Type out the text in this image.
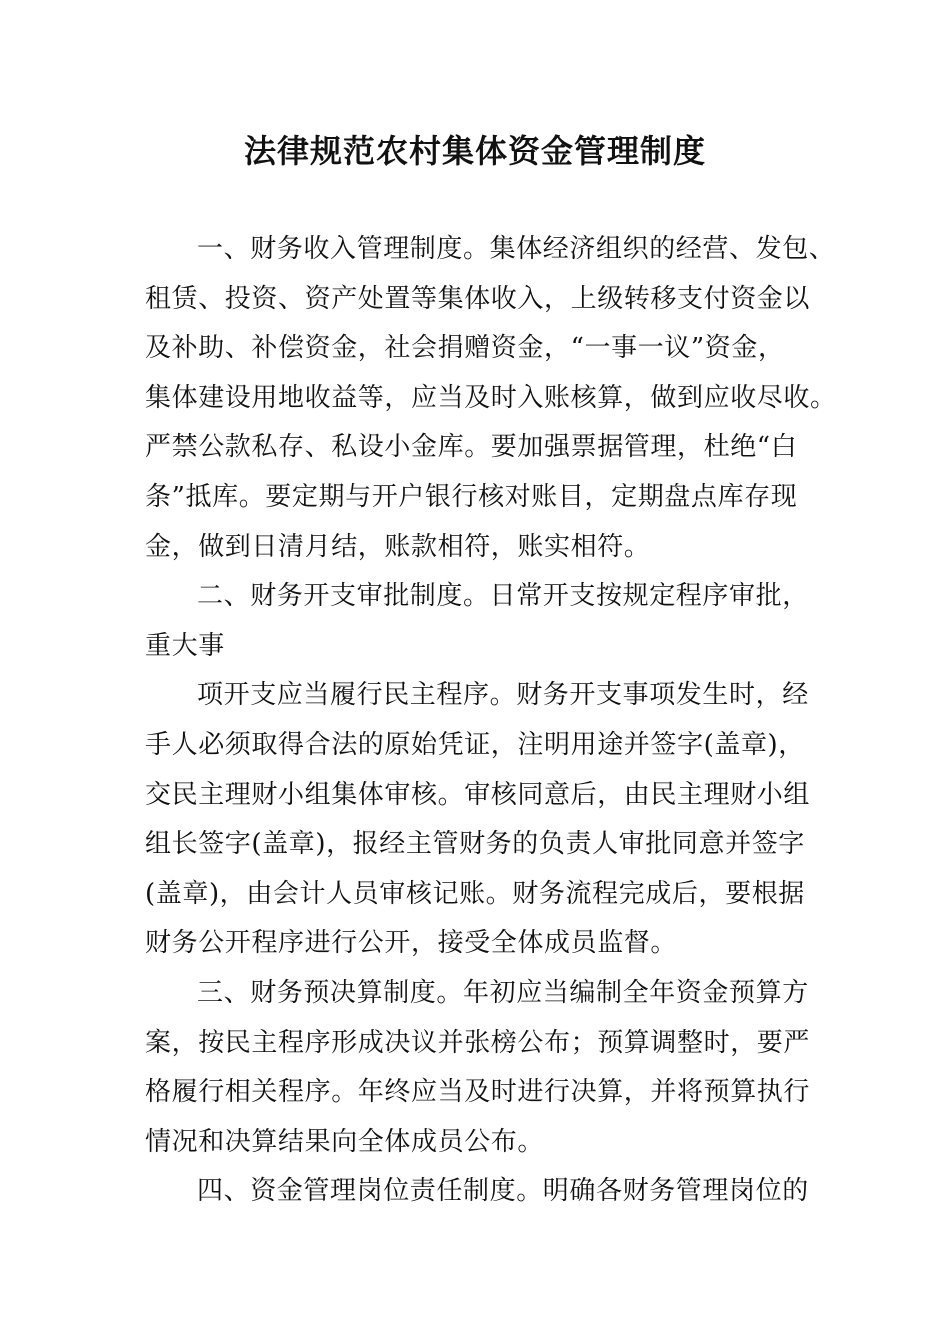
法律规范农村集体资金管理制度
一、财务收入管理制度。集体经济组织的经营、发包、
租赁、投资、资产处置等集体收入，上级转移支付资金以
及补助、补偿资金，社会捐赠资金，“一事一议”资金，
集体建设用地收益等，应当及时入账核算，做到应收尽收。
严禁公款私存、私设小金库。要加强票据管理，杜绝“白
条”抵库。要定期与开户银行核对账目，定期盘点库存现
金，做到日清月结，账款相符，账实相符。
二、财务开支审批制度。日常开支按规定程序审批，
重大事
项开支应当履行民主程序。财务开支事项发生时，经
手人必须取得合法的原始凭证，注明用途并签字(盖章)，
交民主理财小组集体审核。审核同意后，由民主理财小组
组长签字(盖章)，报经主管财务的负责人审批同意并签字
(盖章)，由会计人员审核记账。财务流程完成后，要根据
财务公开程序进行公开，接受全体成员监督。
三、财务预决算制度。年初应当编制全年资金预算方
案，按民主程序形成决议并张榜公布；预算调整时，要严
格履行相关程序。年终应当及时进行决算，并将预算执行
情况和决算结果向全体成员公布。
四、资金管理岗位责任制度。明确各财务管理岗位的
